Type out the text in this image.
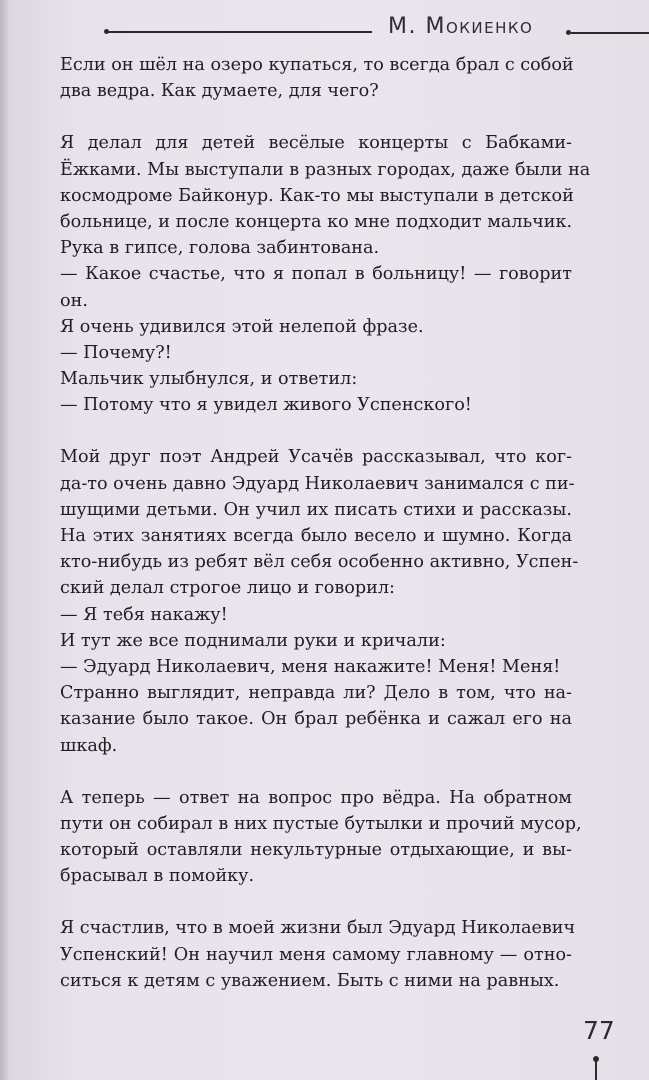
М. Мокиенко
Если он шёл на озеро купаться, то всегда брал с собой
два ведра. Как думаете, для чего?
Я делал для детей весёлые концерты с Бабками-
Ёжками. Мы выступали в разных городах, даже были на
космодроме Байконур. Как-то мы выступали в детской
больнице, и после концерта ко мне подходит мальчик.
Рука в гипсе, голова забинтована.
— Какое счастье, что я попал в больницу! — говорит
он.
Я очень удивился этой нелепой фразе.
— Почему?!
Мальчик улыбнулся, и ответил:
— Потому что я увидел живого Успенского!
Мой друг поэт Андрей Усачёв рассказывал, что ког-
да-то очень давно Эдуард Николаевич занимался с пи-
шущими детьми. Он учил их писать стихи и рассказы.
На этих занятиях всегда было весело и шумно. Когда
кто-нибудь из ребят вёл себя особенно активно, Успен-
ский делал строгое лицо и говорил:
— Я тебя накажу!
И тут же все поднимали руки и кричали:
— Эдуард Николаевич, меня накажите! Меня! Меня!
Странно выглядит, неправда ли? Дело в том, что на-
казание было такое. Он брал ребёнка и сажал его на
шкаф.
А теперь — ответ на вопрос про вёдра. На обратном
пути он собирал в них пустые бутылки и прочий мусор,
который оставляли некультурные отдыхающие, и вы-
брасывал в помойку.
Я счастлив, что в моей жизни был Эдуард Николаевич
Успенский! Он научил меня самому главному — отно-
ситься к детям с уважением. Быть с ними на равных.
77
